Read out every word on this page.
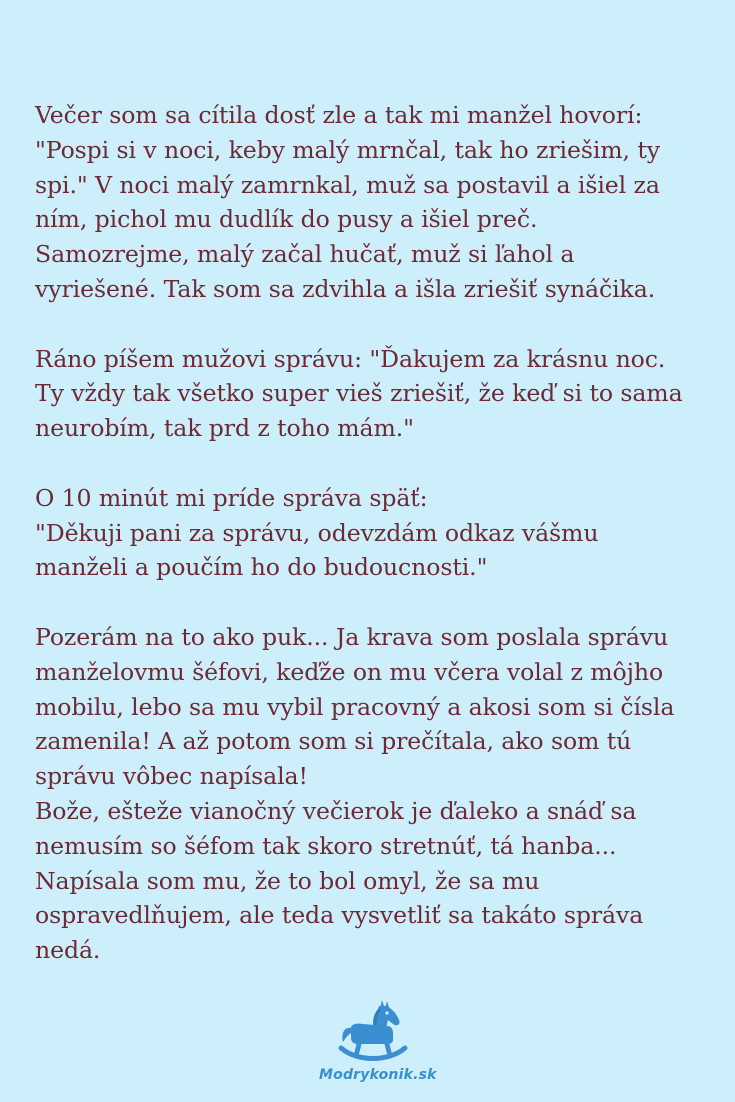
Večer som sa cítila dosť zle a tak mi manžel hovorí:
"Pospi si v noci, keby malý mrnčal, tak ho zriešim, ty
spi." V noci malý zamrnkal, muž sa postavil a išiel za
ním, pichol mu dudlík do pusy a išiel preč.
Samozrejme, malý začal hučať, muž si ľahol a
vyriešené. Tak som sa zdvihla a išla zriešiť synáčika.

Ráno píšem mužovi správu: "Ďakujem za krásnu noc.
Ty vždy tak všetko super vieš zriešiť, že keď si to sama
neurobím, tak prd z toho mám."

O 10 minút mi príde správa späť:
"Děkuji pani za správu, odevzdám odkaz vášmu
manželi a poučím ho do budoucnosti."

Pozerám na to ako puk... Ja krava som poslala správu
manželovmu šéfovi, keďže on mu včera volal z môjho
mobilu, lebo sa mu vybil pracovný a akosi som si čísla
zamenila! A až potom som si prečítala, ako som tú
správu vôbec napísala!
Bože, ešteže vianočný večierok je ďaleko a snáď sa
nemusím so šéfom tak skoro stretnúť, tá hanba...
Napísala som mu, že to bol omyl, že sa mu
ospravedlňujem, ale teda vysvetliť sa takáto správa
nedá.

Modrykonik.sk
